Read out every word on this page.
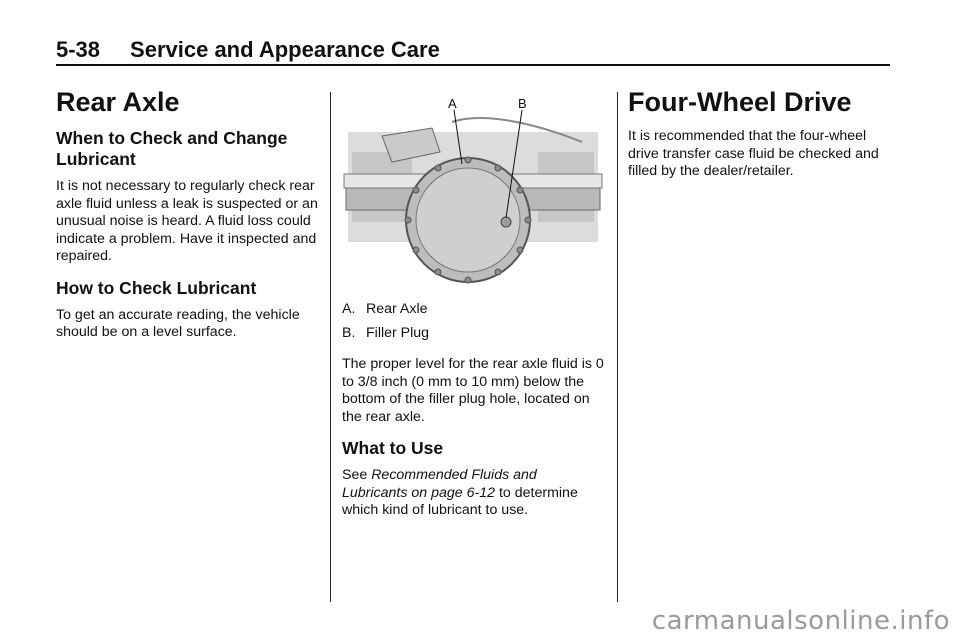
5-38 Service and Appearance Care
Rear Axle
When to Check and Change Lubricant

It is not necessary to regularly check rear axle fluid unless a leak is suspected or an unusual noise is heard. A fluid loss could indicate a problem. Have it inspected and repaired.

How to Check Lubricant

To get an accurate reading, the vehicle should be on a level surface.

A	B

A. Rear Axle

B. Filler Plug

The proper level for the rear axle fluid is 0 to 3/8 inch (0 mm to 10 mm) below the bottom of the filler plug hole, located on the rear axle.

What to Use

See Recommended Fluids and Lubricants on page 6-12 to determine which kind of lubricant to use.

Four-Wheel Drive

It is recommended that the four-wheel drive transfer case fluid be checked and filled by the dealer/retailer.

carmanualsonline.info
